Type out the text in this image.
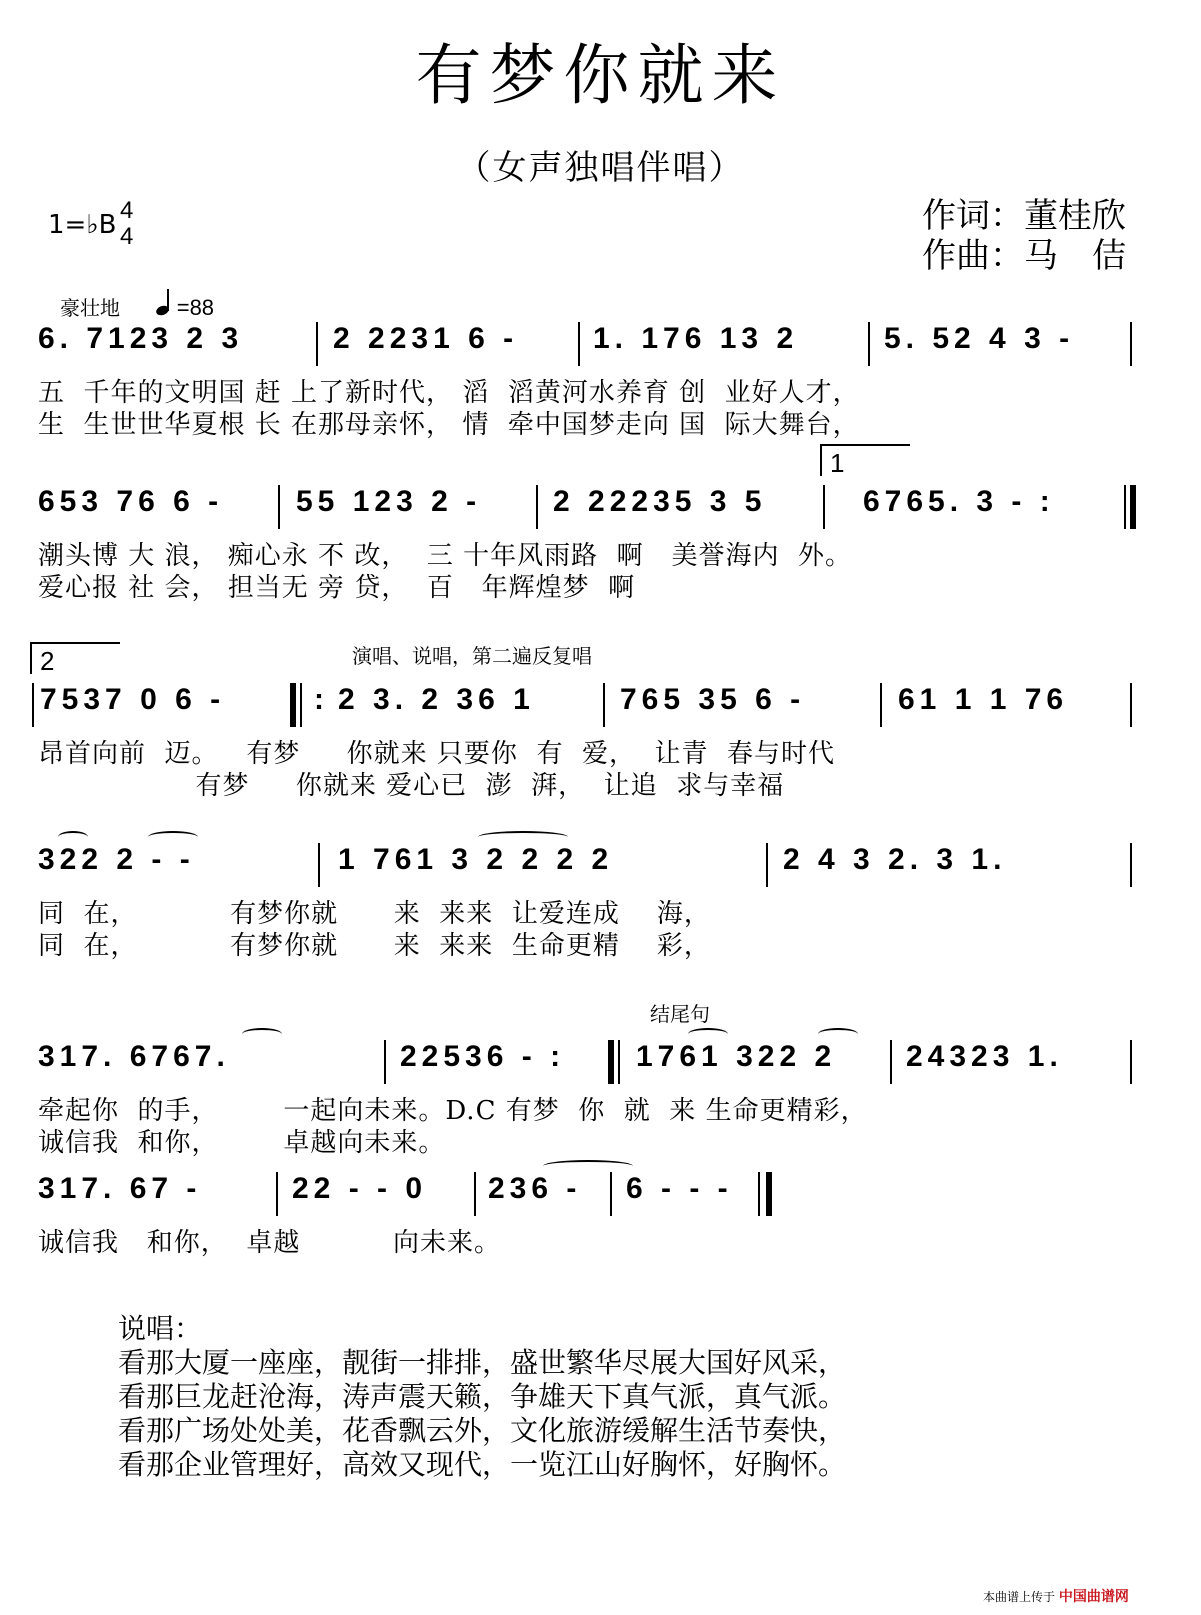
有梦你就来
（女声独唱伴唱）
1=♭B 4
4
作词：董桂欣
作曲：马　佶
豪壮地	=88
6. 7123 2 3	2 2231 6 - 1. 176 13 2	5. 52 4 3 -
五  千年的文明国 赶 上了新时代， 滔  滔黄河水养育 创  业好人才，
生  生世世华夏根 长 在那母亲怀， 情  牵中国梦走向 国  际大舞台，
1
653 76 6 - 55 123 2 - 2 22235 3 5	6765. 3 - :
潮头博 大 浪， 痴心永 不 改，  三 十年风雨路  啊   美誉海内  外。
爱心报 社 会， 担当无 旁 贷，  百   年辉煌梦  啊
2	演唱、说唱，第二遍反复唱
7537 0 6 -	: 2 3. 2 36 1	765 35 6 -	61 1 1 76
昂首向前  迈。   有梦     你就来 只要你  有  爱，  让青  春与时代
有梦     你就来 爱心已  澎  湃，  让追  求与幸福
322 2 - -	1 761 3 2 2 2 2	2 4 3 2. 3 1.
同  在，          有梦你就      来  来来  让爱连成    海，
同  在，          有梦你就      来  来来  生命更精    彩，
结尾句
317. 6767.	22536 - : 1761 322 2 24323 1.
牵起你  的手，       一起向未来。D.C 有梦  你  就  来 生命更精彩，
诚信我  和你，       卓越向未来。
317. 67 -	22 - - 0 236 - 6 - - -
诚信我   和你，  卓越          向未来。
说唱：
看那大厦一座座，靓街一排排，盛世繁华尽展大国好风采，
看那巨龙赶沧海，涛声震天籁，争雄天下真气派，真气派。
看那广场处处美，花香飘云外，文化旅游缓解生活节奏快，
看那企业管理好，高效又现代，一览江山好胸怀，好胸怀。
本曲谱上传于 中国曲谱网
